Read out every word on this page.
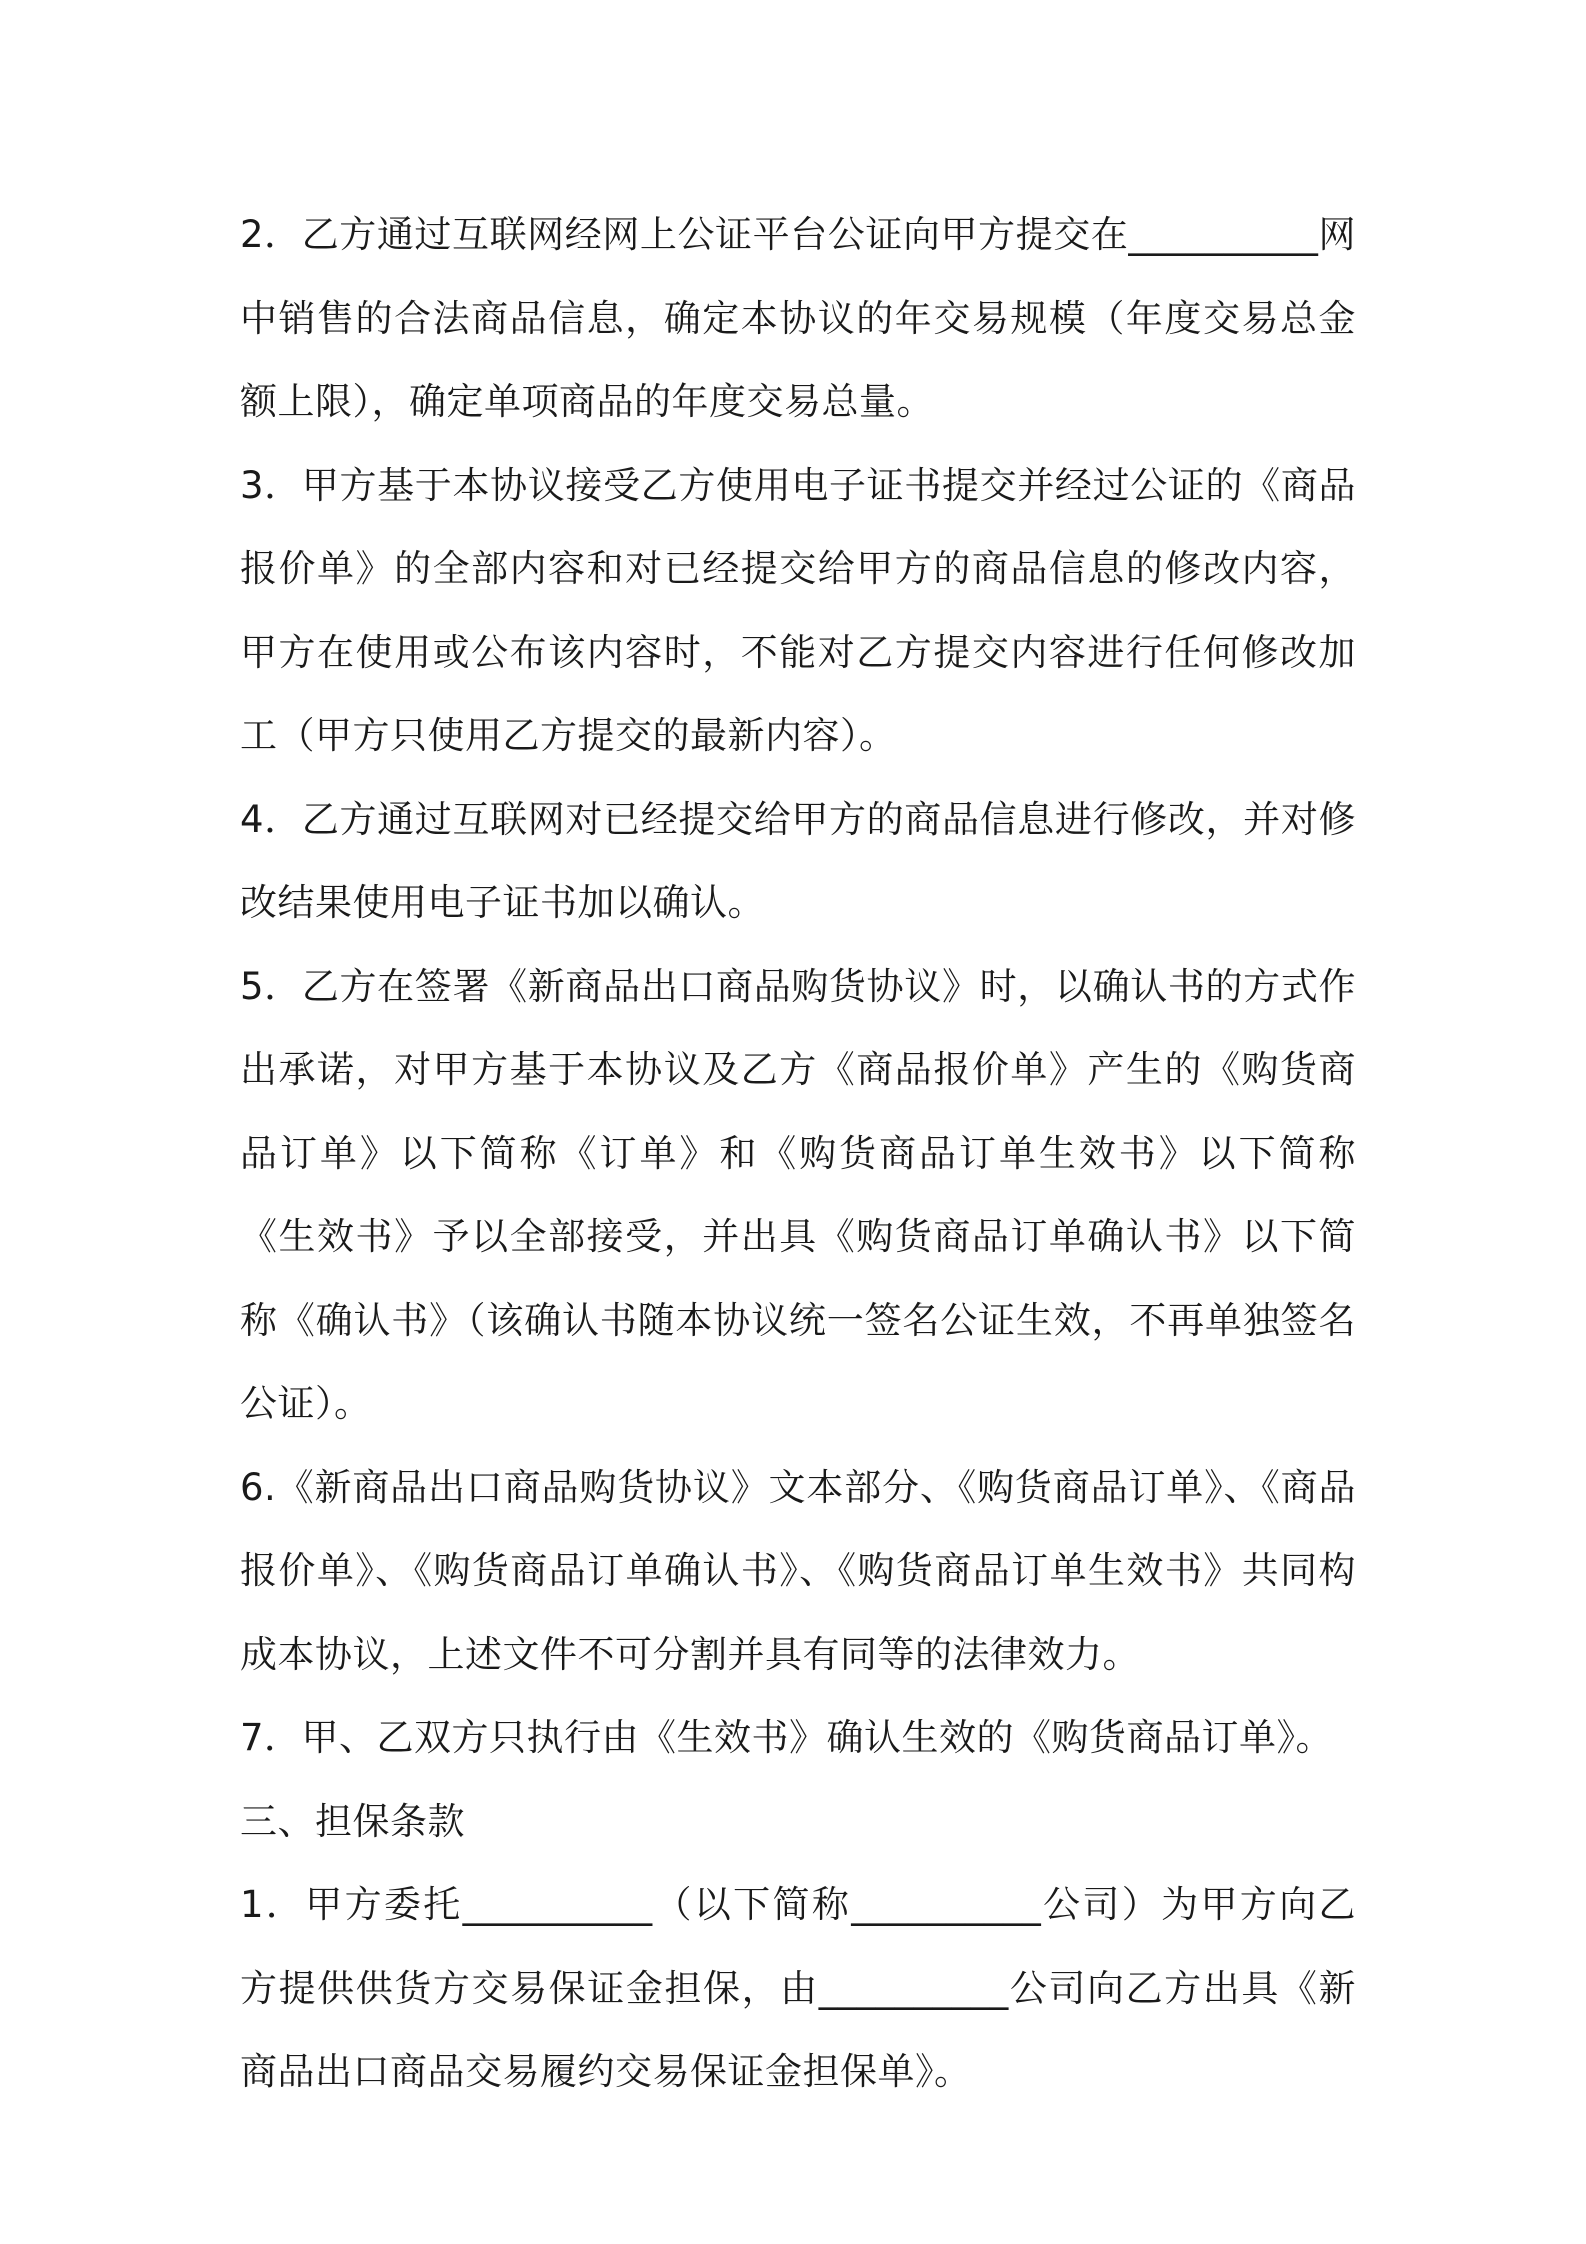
2．乙方通过互联网经网上公证平台公证向甲方提交在__________网中销售的合法商品信息，确定本协议的年交易规模（年度交易总金额上限），确定单项商品的年度交易总量。

3．甲方基于本协议接受乙方使用电子证书提交并经过公证的《商品报价单》的全部内容和对已经提交给甲方的商品信息的修改内容，甲方在使用或公布该内容时，不能对乙方提交内容进行任何修改加工（甲方只使用乙方提交的最新内容）。

4．乙方通过互联网对已经提交给甲方的商品信息进行修改，并对修改结果使用电子证书加以确认。

5．乙方在签署《新商品出口商品购货协议》时，以确认书的方式作出承诺，对甲方基于本协议及乙方《商品报价单》产生的《购货商品订单》以下简称《订单》和《购货商品订单生效书》以下简称《生效书》予以全部接受，并出具《购货商品订单确认书》以下简称《确认书》（该确认书随本协议统一签名公证生效，不再单独签名公证）。

6.《新商品出口商品购货协议》文本部分、《购货商品订单》、《商品报价单》、《购货商品订单确认书》、《购货商品订单生效书》共同构成本协议，上述文件不可分割并具有同等的法律效力。

7．甲、乙双方只执行由《生效书》确认生效的《购货商品订单》。

三、担保条款

1．甲方委托__________（以下简称__________公司）为甲方向乙方提供供货方交易保证金担保，由__________公司向乙方出具《新商品出口商品交易履约交易保证金担保单》。
